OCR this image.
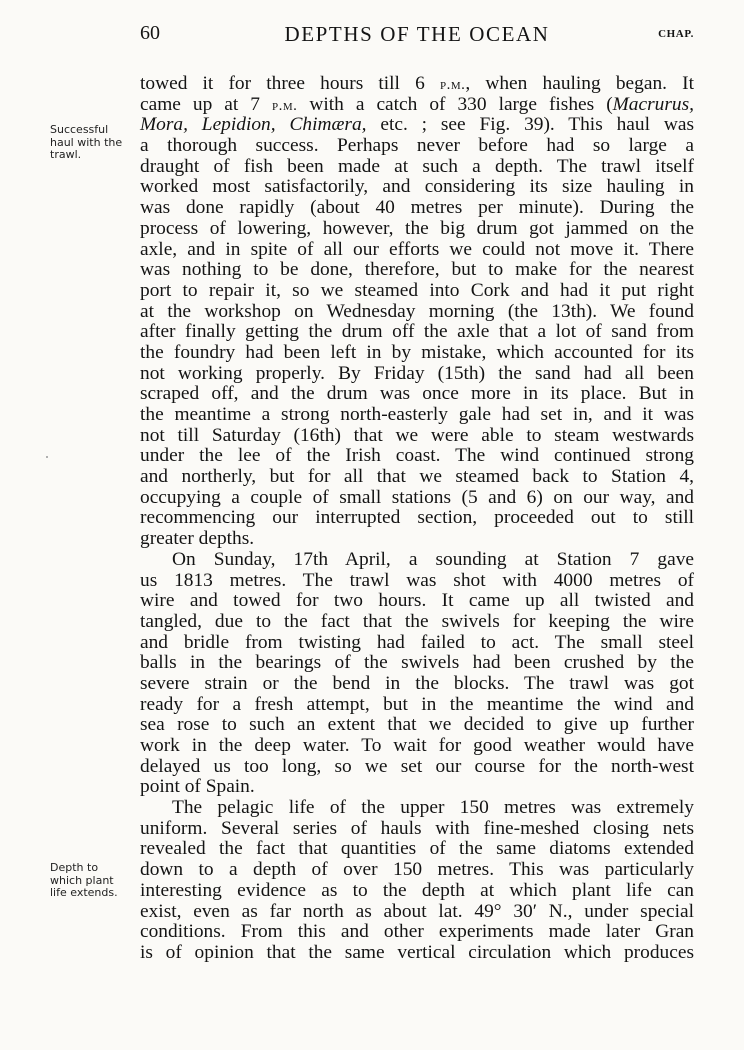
60	DEPTHS OF THE OCEAN	CHAP.
Successful
haul with the
trawl.
Depth to
which plant
life extends.
towed it for three hours till 6 p.m., when hauling began. It
came up at 7 p.m. with a catch of 330 large fishes (Macrurus,
Mora, Lepidion, Chimæra, etc. ; see Fig. 39). This haul was
a thorough success. Perhaps never before had so large a
draught of fish been made at such a depth. The trawl itself
worked most satisfactorily, and considering its size hauling in
was done rapidly (about 40 metres per minute). During the
process of lowering, however, the big drum got jammed on the
axle, and in spite of all our efforts we could not move it. There
was nothing to be done, therefore, but to make for the nearest
port to repair it, so we steamed into Cork and had it put right
at the workshop on Wednesday morning (the 13th). We found
after finally getting the drum off the axle that a lot of sand from
the foundry had been left in by mistake, which accounted for its
not working properly. By Friday (15th) the sand had all been
scraped off, and the drum was once more in its place. But in
the meantime a strong north-easterly gale had set in, and it was
not till Saturday (16th) that we were able to steam westwards
under the lee of the Irish coast. The wind continued strong
and northerly, but for all that we steamed back to Station 4,
occupying a couple of small stations (5 and 6) on our way, and
recommencing our interrupted section, proceeded out to still
greater depths.
On Sunday, 17th April, a sounding at Station 7 gave
us 1813 metres. The trawl was shot with 4000 metres of
wire and towed for two hours. It came up all twisted and
tangled, due to the fact that the swivels for keeping the wire
and bridle from twisting had failed to act. The small steel
balls in the bearings of the swivels had been crushed by the
severe strain or the bend in the blocks. The trawl was got
ready for a fresh attempt, but in the meantime the wind and
sea rose to such an extent that we decided to give up further
work in the deep water. To wait for good weather would have
delayed us too long, so we set our course for the north-west
point of Spain.
The pelagic life of the upper 150 metres was extremely
uniform. Several series of hauls with fine-meshed closing nets
revealed the fact that quantities of the same diatoms extended
down to a depth of over 150 metres. This was particularly
interesting evidence as to the depth at which plant life can
exist, even as far north as about lat. 49° 30′ N., under special
conditions. From this and other experiments made later Gran
is of opinion that the same vertical circulation which produces
